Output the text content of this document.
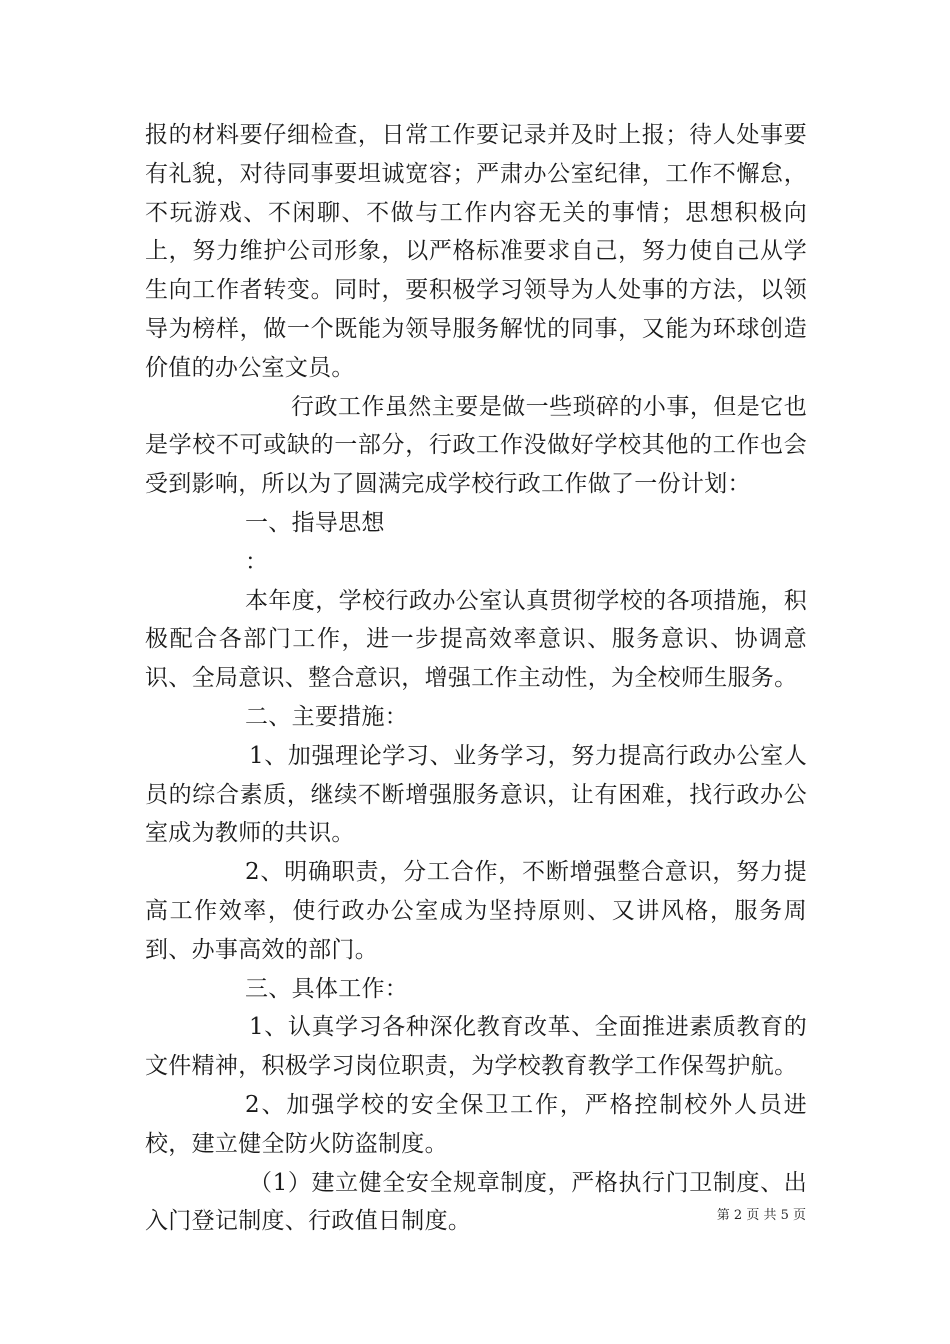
报的材料要仔细检查，日常工作要记录并及时上报；待人处事要有礼貌，对待同事要坦诚宽容；严肃办公室纪律，工作不懈怠，不玩游戏、不闲聊、不做与工作内容无关的事情；思想积极向上，努力维护公司形象，以严格标准要求自己，努力使自己从学生向工作者转变。同时，要积极学习领导为人处事的方法，以领导为榜样，做一个既能为领导服务解忧的同事，又能为环球创造价值的办公室文员。

行政工作虽然主要是做一些琐碎的小事，但是它也是学校不可或缺的一部分，行政工作没做好学校其他的工作也会受到影响，所以为了圆满完成学校行政工作做了一份计划：

一、指导思想

：

本年度，学校行政办公室认真贯彻学校的各项措施，积极配合各部门工作，进一步提高效率意识、服务意识、协调意识、全局意识、整合意识，增强工作主动性，为全校师生服务。

二、主要措施：

1、加强理论学习、业务学习，努力提高行政办公室人员的综合素质，继续不断增强服务意识，让有困难，找行政办公室成为教师的共识。

2、明确职责，分工合作，不断增强整合意识，努力提高工作效率，使行政办公室成为坚持原则、又讲风格，服务周到、办事高效的部门。

三、具体工作：

1、认真学习各种深化教育改革、全面推进素质教育的文件精神，积极学习岗位职责，为学校教育教学工作保驾护航。

2、加强学校的安全保卫工作，严格控制校外人员进校，建立健全防火防盗制度。

（1）建立健全安全规章制度，严格执行门卫制度、出入门登记制度、行政值日制度。	第 2 页 共 5 页
